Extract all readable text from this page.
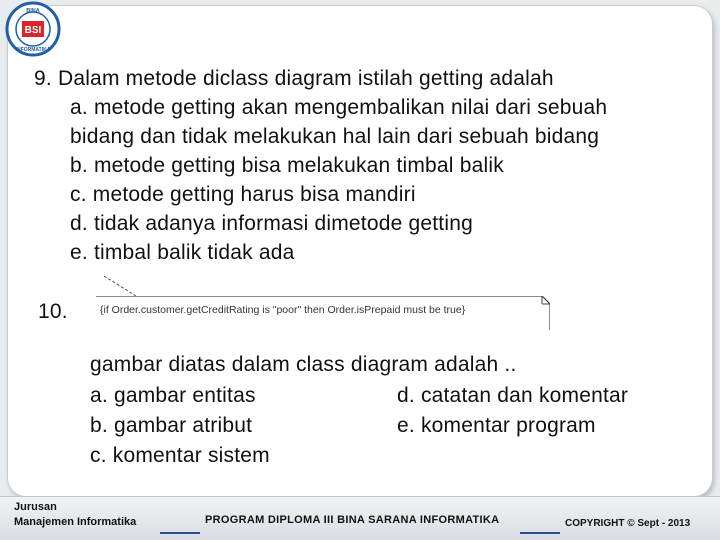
BSI
BINA
INFORMATIKA
9. Dalam metode diclass diagram istilah getting adalah
a. metode getting akan mengembalikan nilai dari sebuah
bidang dan tidak melakukan hal lain dari sebuah bidang
b. metode getting bisa melakukan timbal balik
c. metode getting harus bisa mandiri
d. tidak adanya informasi dimetode getting
e. timbal balik tidak ada
10.	{if Order.customer.getCreditRating is "poor" then Order.isPrepaid must be true}
gambar diatas dalam class diagram adalah ..
a. gambar entitas
b. gambar atribut
c. komentar sistem
d. catatan dan komentar
e. komentar program
Jurusan
Manajemen Informatika	PROGRAM DIPLOMA III BINA SARANA INFORMATIKA	COPYRIGHT © Sept - 2013
